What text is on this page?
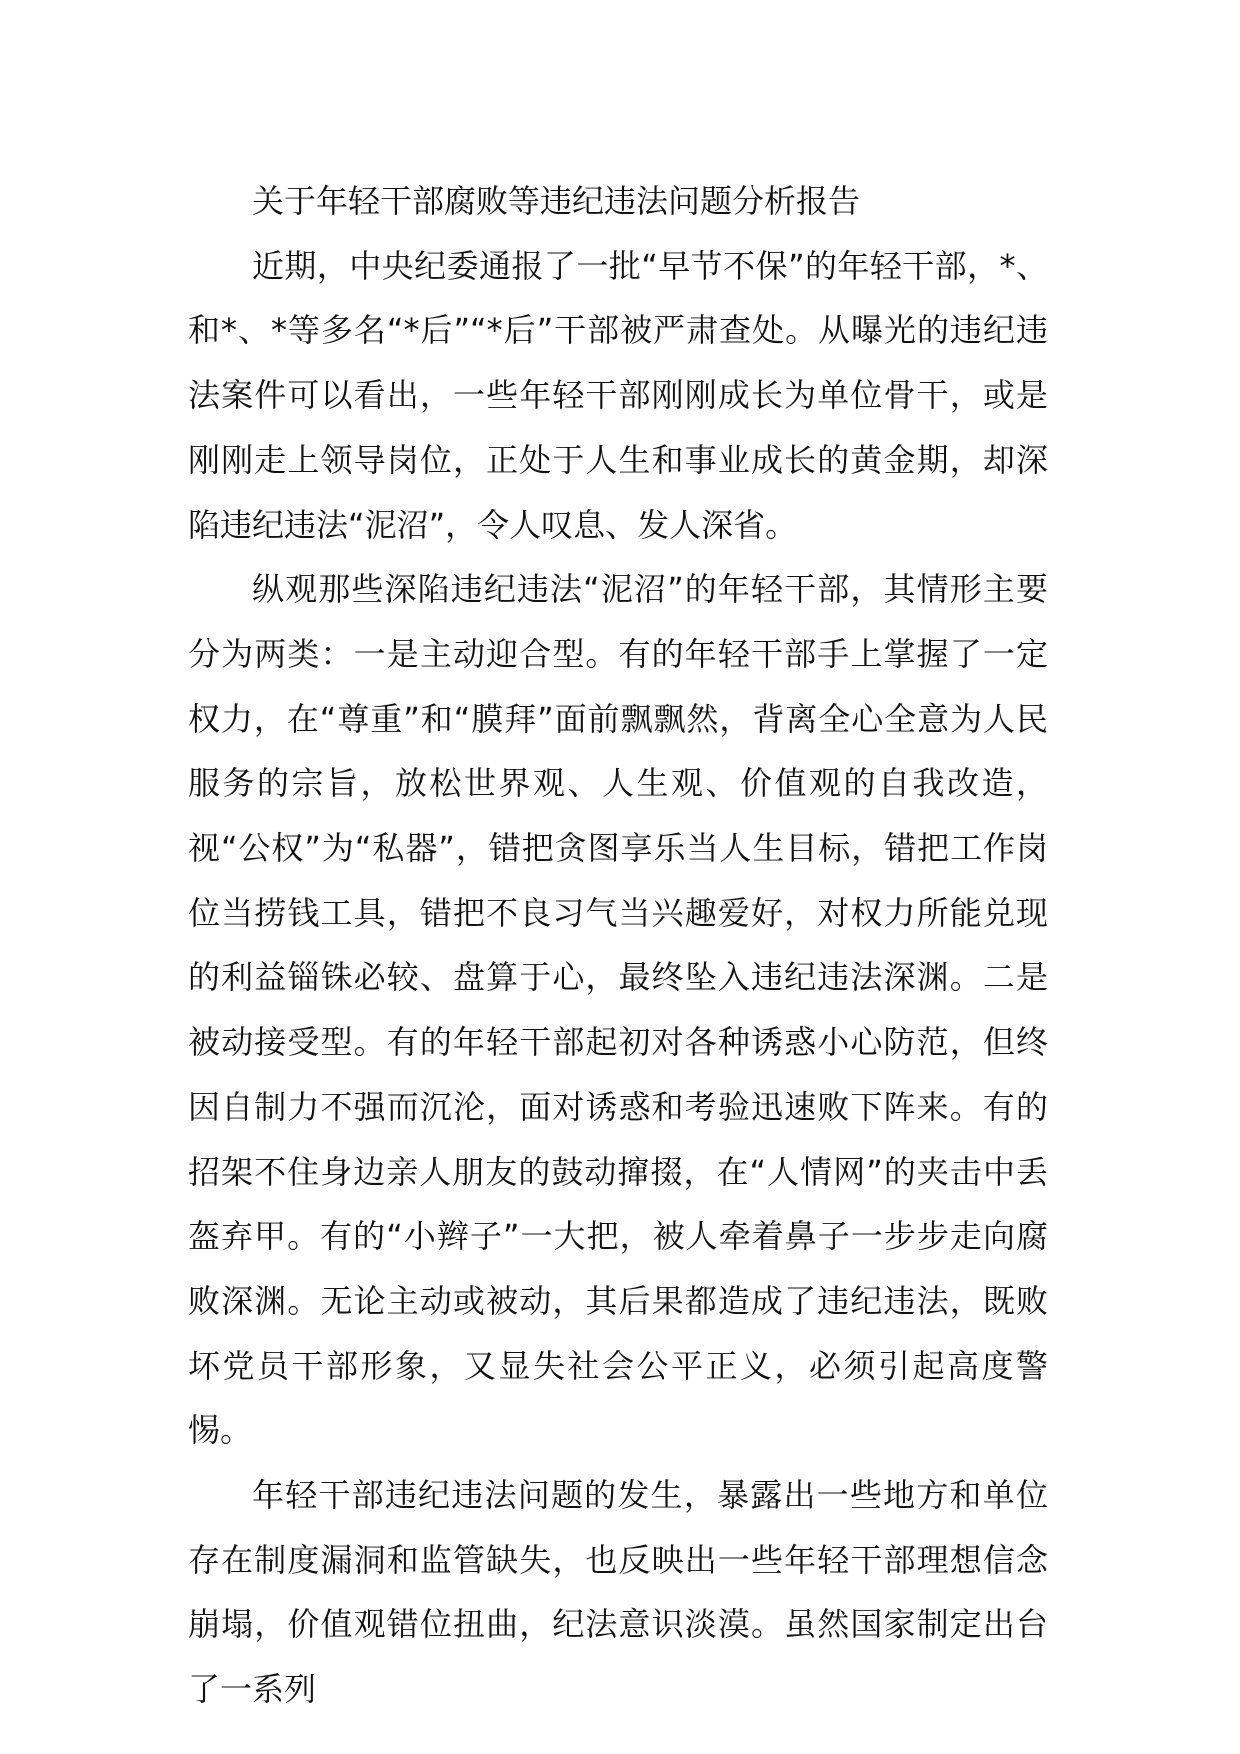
关于年轻干部腐败等违纪违法问题分析报告

近期，中央纪委通报了一批“早节不保”的年轻干部，*、和*、*等多名“*后”“*后”干部被严肃查处。从曝光的违纪违法案件可以看出，一些年轻干部刚刚成长为单位骨干，或是刚刚走上领导岗位，正处于人生和事业成长的黄金期，却深陷违纪违法“泥沼”，令人叹息、发人深省。

纵观那些深陷违纪违法“泥沼”的年轻干部，其情形主要分为两类：一是主动迎合型。有的年轻干部手上掌握了一定权力，在“尊重”和“膜拜”面前飘飘然，背离全心全意为人民服务的宗旨，放松世界观、人生观、价值观的自我改造，视“公权”为“私器”，错把贪图享乐当人生目标，错把工作岗位当捞钱工具，错把不良习气当兴趣爱好，对权力所能兑现的利益锱铢必较、盘算于心，最终坠入违纪违法深渊。二是被动接受型。有的年轻干部起初对各种诱惑小心防范，但终因自制力不强而沉沦，面对诱惑和考验迅速败下阵来。有的招架不住身边亲人朋友的鼓动撺掇，在“人情网”的夹击中丢盔弃甲。有的“小辫子”一大把，被人牵着鼻子一步步走向腐败深渊。无论主动或被动，其后果都造成了违纪违法，既败坏党员干部形象，又显失社会公平正义，必须引起高度警惕。

年轻干部违纪违法问题的发生，暴露出一些地方和单位存在制度漏洞和监管缺失，也反映出一些年轻干部理想信念崩塌，价值观错位扭曲，纪法意识淡漠。虽然国家制定出台了一系列
